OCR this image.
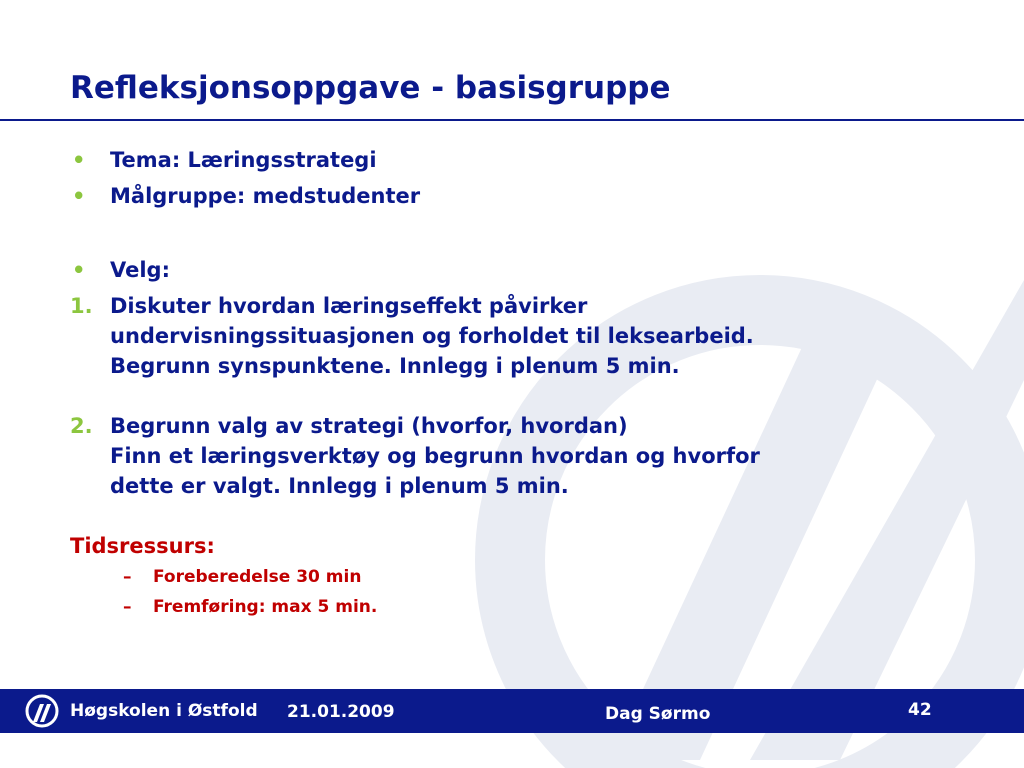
Refleksjonsoppgave - basisgruppe
• Tema: Læringsstrategi
• Målgruppe: medstudenter
• Velg:
1. Diskuter hvordan læringseffekt påvirker
undervisningssituasjonen og forholdet til leksearbeid.
Begrunn synspunktene. Innlegg i plenum 5 min.
2. Begrunn valg av strategi (hvorfor, hvordan)
Finn et læringsverktøy og begrunn hvordan og hvorfor
dette er valgt. Innlegg i plenum 5 min.
Tidsressurs:
– Foreberedelse 30 min
– Fremføring: max 5 min.
Høgskolen i Østfold 21.01.2009	Dag Sørmo	42
